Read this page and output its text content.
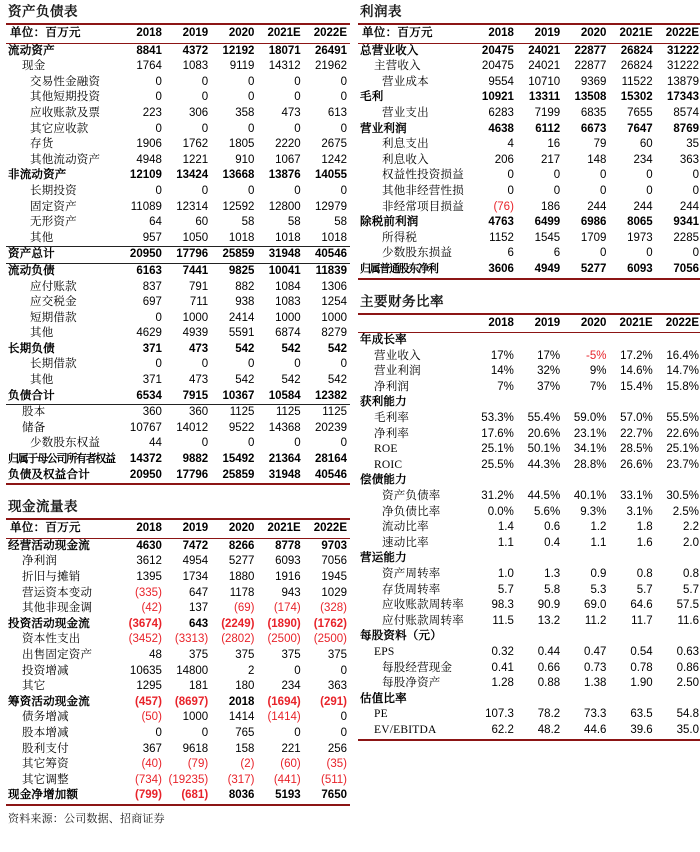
资产负债表
单位：百万元	2018	2019	2020	2021E	2022E
流动资产	8841	4372	12192	18071	26491
现金	1764	1083	9119	14312	21962
交易性金融资	0	0	0	0	0
其他短期投资	0	0	0	0	0
应收账款及票	223	306	358	473	613
其它应收款	0	0	0	0	0
存货	1906	1762	1805	2220	2675
其他流动资产	4948	1221	910	1067	1242
非流动资产	12109	13424	13668	13876	14055
长期投资	0	0	0	0	0
固定资产	11089	12314	12592	12800	12979
无形资产	64	60	58	58	58
其他	957	1050	1018	1018	1018
资产总计	20950	17796	25859	31948	40546
流动负债	6163	7441	9825	10041	11839
应付账款	837	791	882	1084	1306
应交税金	697	711	938	1083	1254
短期借款	0	1000	2414	1000	1000
其他	4629	4939	5591	6874	8279
长期负债	371	473	542	542	542
长期借款	0	0	0	0	0
其他	371	473	542	542	542
负债合计	6534	7915	10367	10584	12382
股本	360	360	1125	1125	1125
储备	10767	14012	9522	14368	20239
少数股东权益	44	0	0	0	0
归属于母公司所有者权益	14372	9882	15492	21364	28164
负债及权益合计	20950	17796	25859	31948	40546
现金流量表
单位：百万元	2018	2019	2020	2021E	2022E
经营活动现金流	4630	7472	8266	8778	9703
净利润	3612	4954	5277	6093	7056
折旧与摊销	1395	1734	1880	1916	1945
营运资本变动	(335)	647	1178	943	1029
其他非现金调	(42)	137	(69)	(174)	(328)
投资活动现金流	(3674)	643	(2249)	(1890)	(1762)
资本性支出	(3452)	(3313)	(2802)	(2500)	(2500)
出售固定资产	48	375	375	375	375
投资增减	10635	14800	2	0	0
其它	1295	181	180	234	363
筹资活动现金流	(457)	(8697)	2018	(1694)	(291)
债务增减	(50)	1000	1414	(1414)	0
股本增减	0	0	765	0	0
股利支付	367	9618	158	221	256
其它筹资	(40)	(79)	(2)	(60)	(35)
其它调整	(734)	(19235)	(317)	(441)	(511)
现金净增加额	(799)	(681)	8036	5193	7650
资料来源：公司数据、招商证券
利润表
单位：百万元	2018	2019	2020	2021E	2022E
总营业收入	20475	24021	22877	26824	31222
主营收入	20475	24021	22877	26824	31222
营业成本	9554	10710	9369	11522	13879
毛利	10921	13311	13508	15302	17343
营业支出	6283	7199	6835	7655	8574
营业利润	4638	6112	6673	7647	8769
利息支出	4	16	79	60	35
利息收入	206	217	148	234	363
权益性投资损益	0	0	0	0	0
其他非经营性损	0	0	0	0	0
非经常项目损益	(76)	186	244	244	244
除税前利润	4763	6499	6986	8065	9341
所得税	1152	1545	1709	1973	2285
少数股东损益	6	6	0	0	0
归属普通股东净利	3606	4949	5277	6093	7056
主要财务比率
	2018	2019	2020	2021E	2022E
年成长率					
营业收入	17%	17%	-5%	17.2%	16.4%
营业利润	14%	32%	9%	14.6%	14.7%
净利润	7%	37%	7%	15.4%	15.8%
获利能力					
毛利率	53.3%	55.4%	59.0%	57.0%	55.5%
净利率	17.6%	20.6%	23.1%	22.7%	22.6%
ROE	25.1%	50.1%	34.1%	28.5%	25.1%
ROIC	25.5%	44.3%	28.8%	26.6%	23.7%
偿债能力					
资产负债率	31.2%	44.5%	40.1%	33.1%	30.5%
净负债比率	0.0%	5.6%	9.3%	3.1%	2.5%
流动比率	1.4	0.6	1.2	1.8	2.2
速动比率	1.1	0.4	1.1	1.6	2.0
营运能力					
资产周转率	1.0	1.3	0.9	0.8	0.8
存货周转率	5.7	5.8	5.3	5.7	5.7
应收账款周转率	98.3	90.9	69.0	64.6	57.5
应付账款周转率	11.5	13.2	11.2	11.7	11.6
每股资料（元）					
EPS	0.32	0.44	0.47	0.54	0.63
每股经营现金	0.41	0.66	0.73	0.78	0.86
每股净资产	1.28	0.88	1.38	1.90	2.50
估值比率					
PE	107.3	78.2	73.3	63.5	54.8
EV/EBITDA	62.2	48.2	44.6	39.6	35.0
